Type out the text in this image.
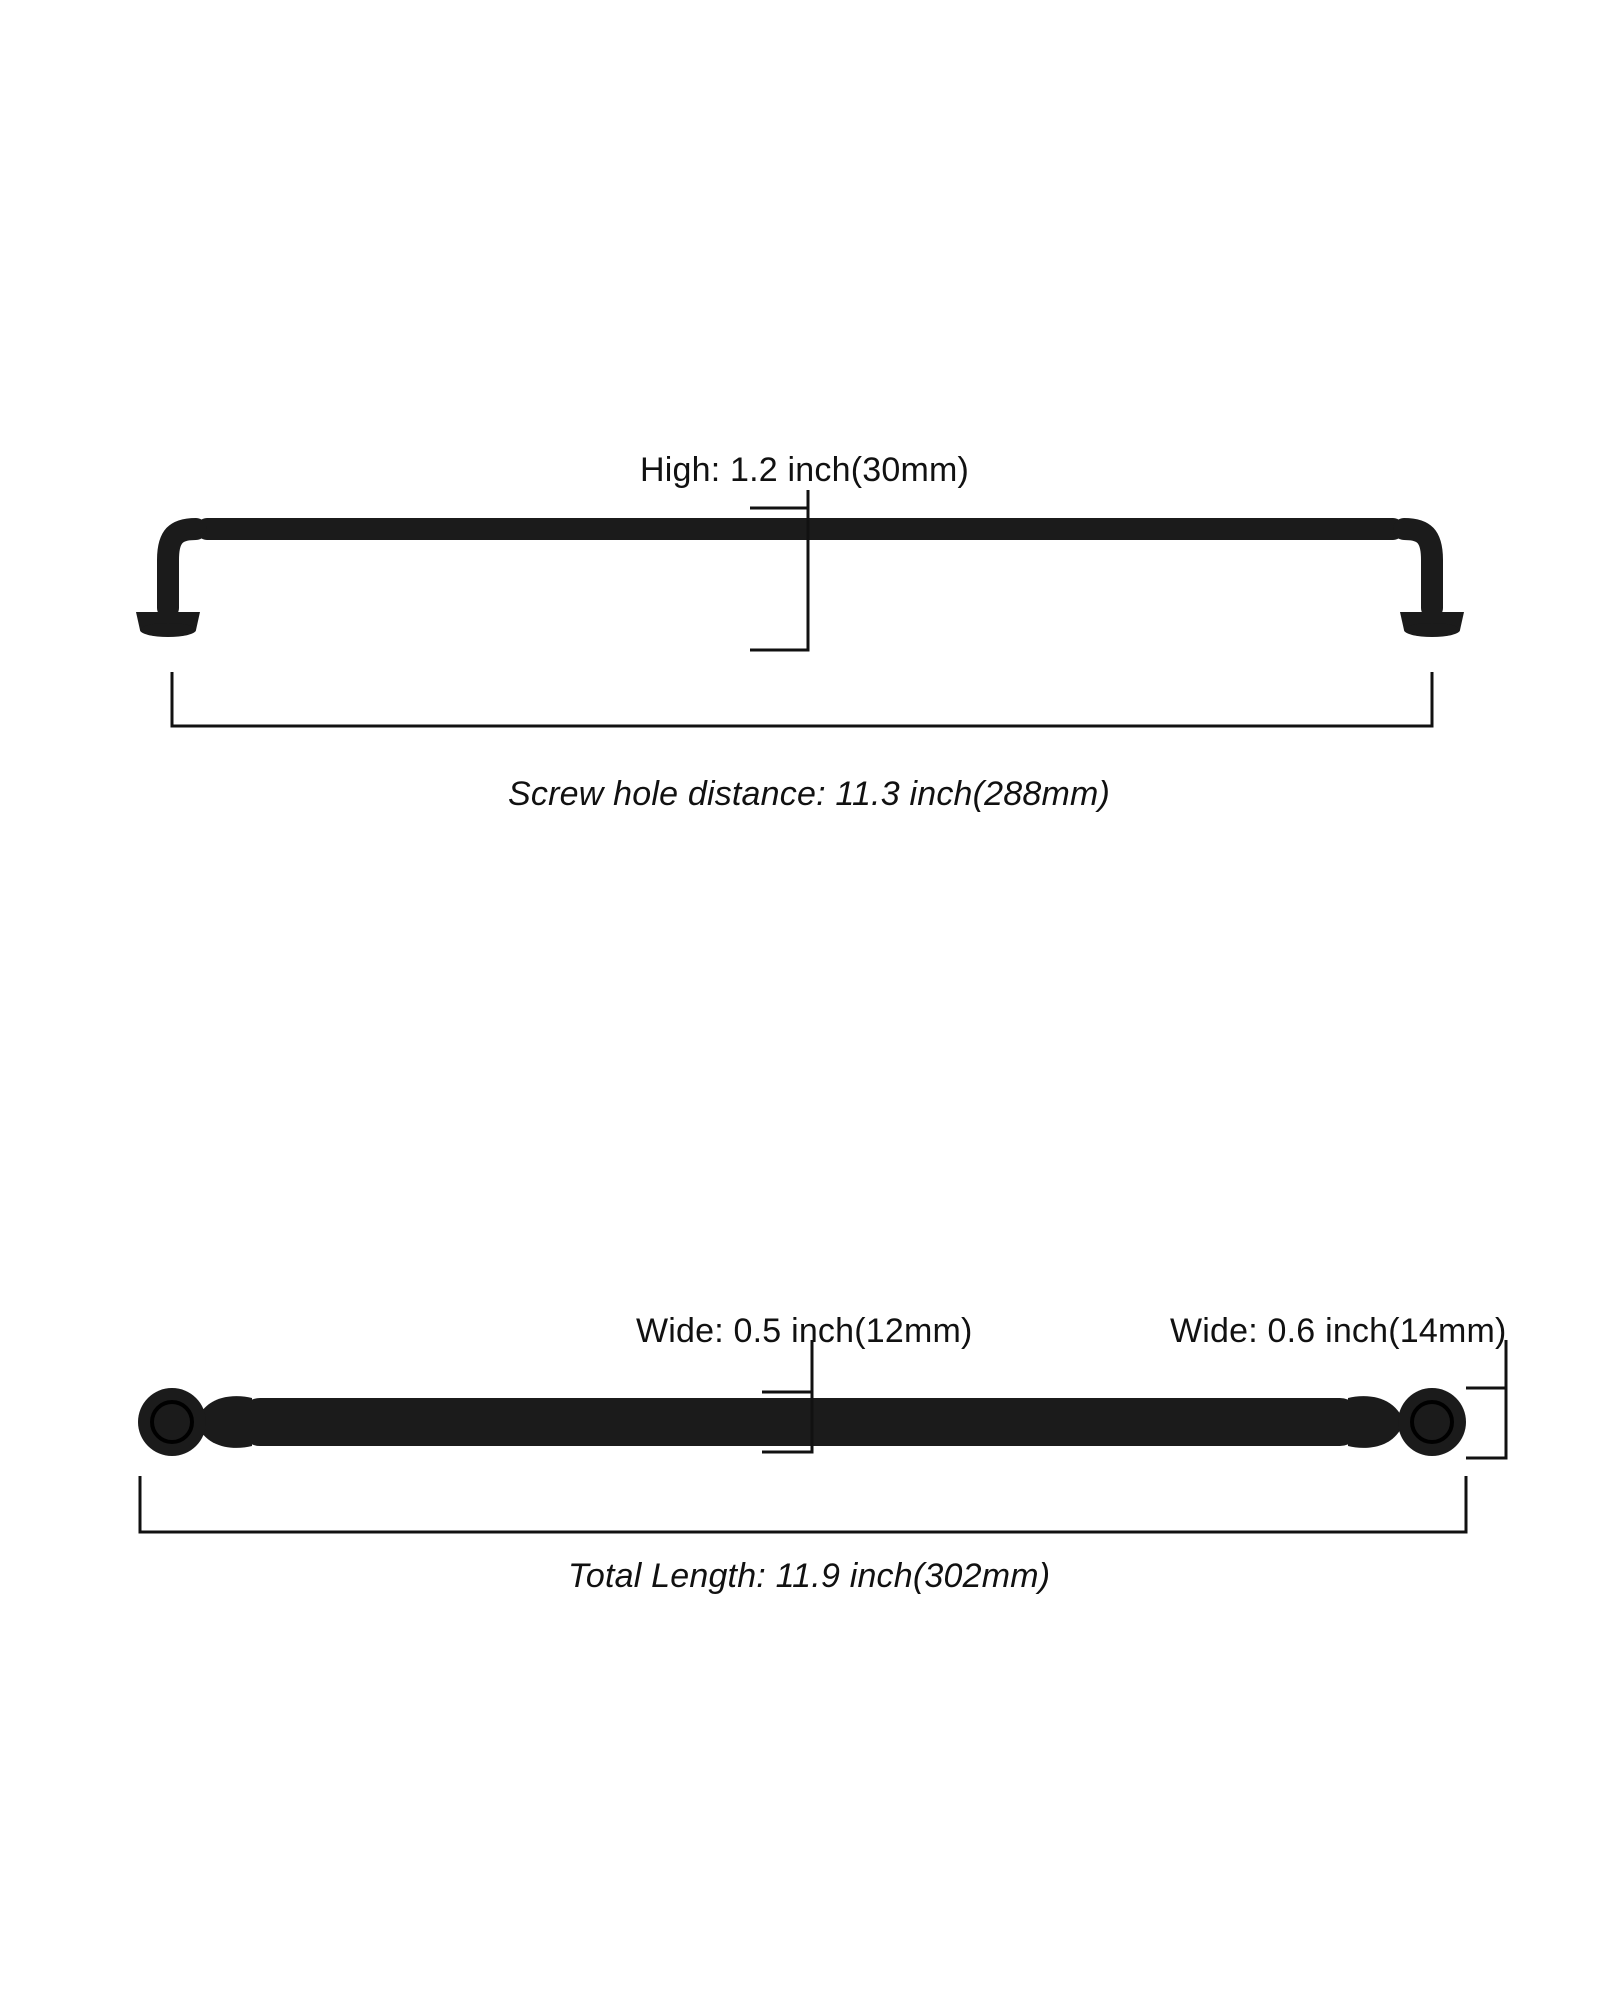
High: 1.2 inch(30mm)
Screw hole distance: 11.3 inch(288mm)
Wide: 0.5 inch(12mm)	Wide: 0.6 inch(14mm)
Total Length: 11.9 inch(302mm)
